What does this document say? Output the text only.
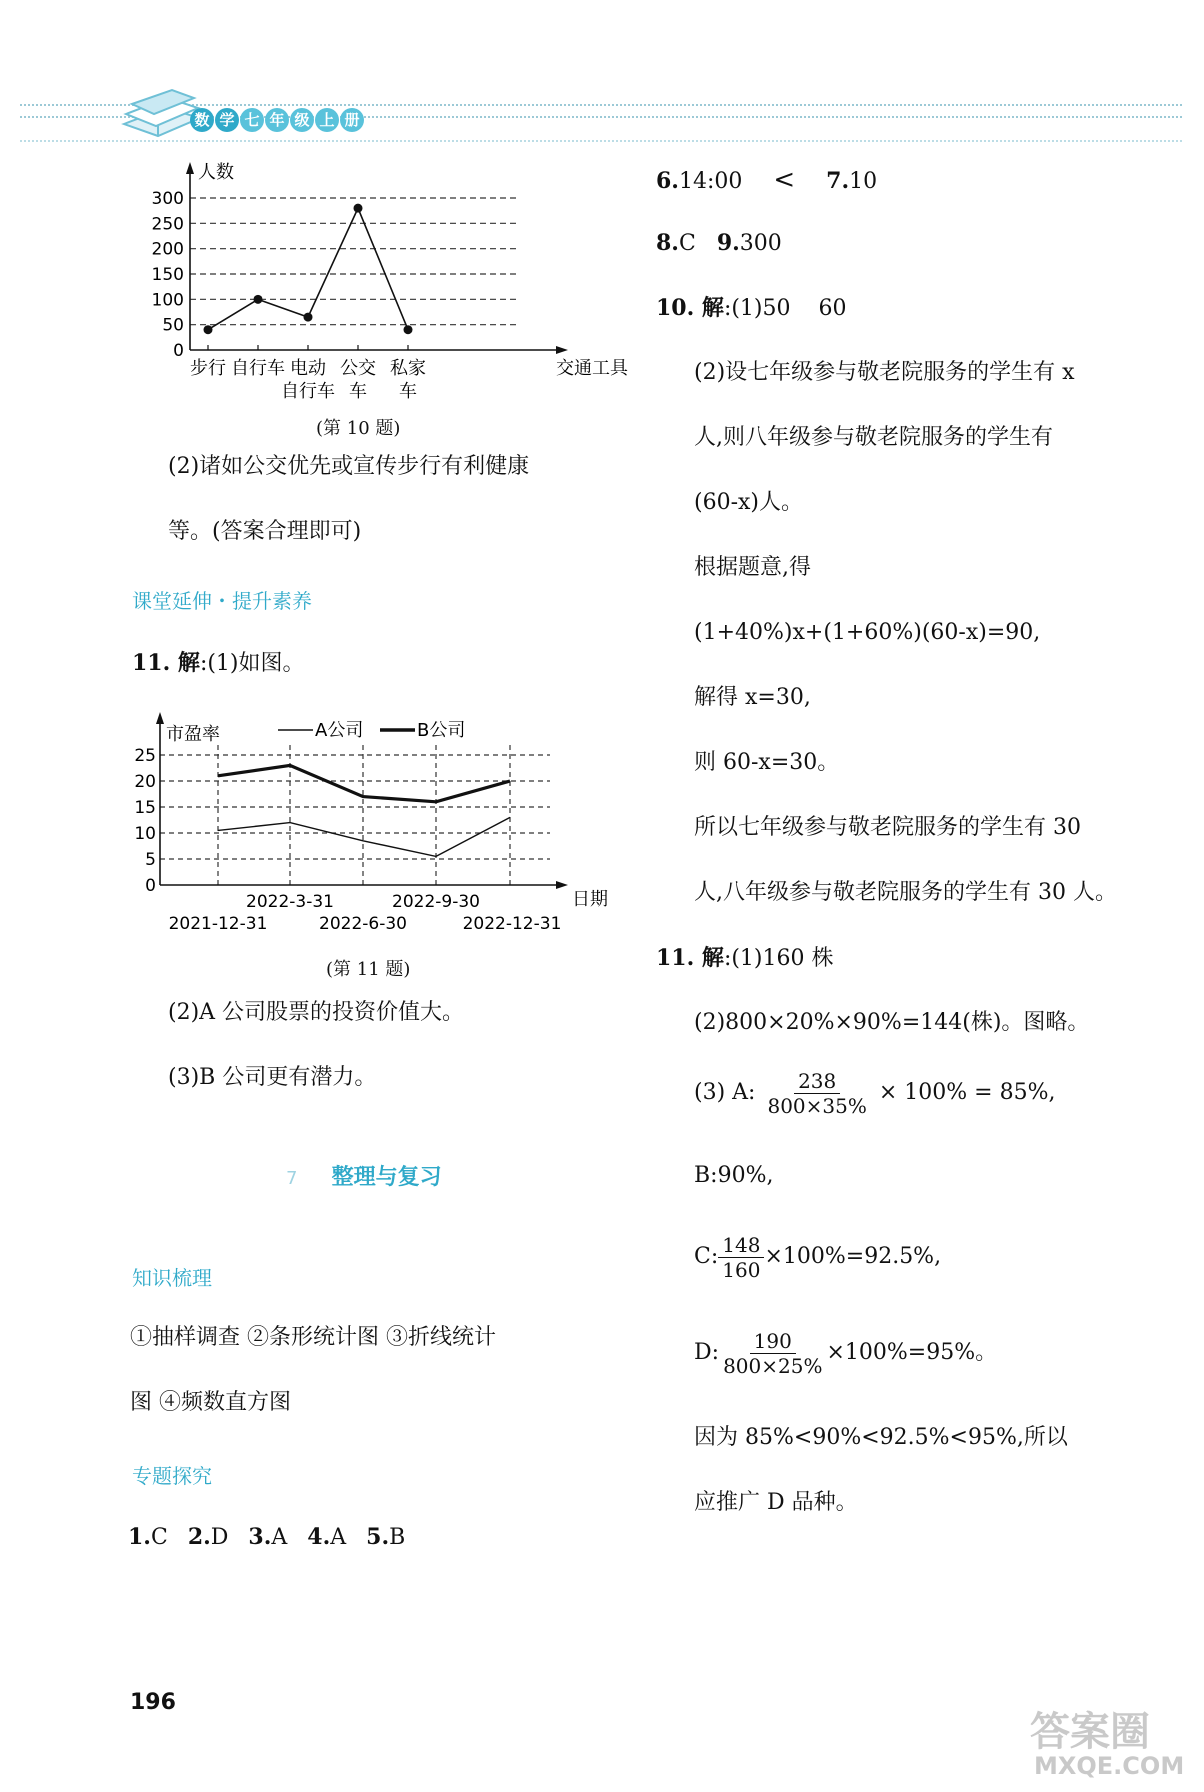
数 学 七 年 级 上 册
0
50
100
150
200
250
300
人数
交通工具
步行 自行车 电动
自行车
公交
车
私家
车
(第 10 题)
(2)诸如公交优先或宣传步行有利健康
等。(答案合理即可)
课堂延伸・提升素养
11. 解:(1)如图。
0
5
10
15
20
25
市盈率
日期
A公司	B公司
2021-12-31
2022-3-31
2022-6-30
2022-9-30
2022-12-31
(第 11 题)
(2)A 公司股票的投资价值大。
(3)B 公司更有潜力。
7 整理与复习
知识梳理
①抽样调查 ②条形统计图 ③折线统计
图 ④频数直方图
专题探究
1.C 2.D 3.A 4.A 5.B
196
6.14:00 < 7.10
8.C 9.300
10. 解:(1)50    60
(2)设七年级参与敬老院服务的学生有 x
人,则八年级参与敬老院服务的学生有
(60-x)人。
根据题意,得
(1+40%)x+(1+60%)(60-x)=90,
解得 x=30,
则 60-x=30。
所以七年级参与敬老院服务的学生有 30
人,八年级参与敬老院服务的学生有 30 人。
11. 解:(1)160 株
(2)800×20%×90%=144(株)。图略。
(3) A: $\frac{238}{800\times 35\%} \times 100\% = 85\%$,
B:90%,
C: $\frac{148}{160} \times 100\%=92.5\%$,
D: $\frac{190}{800\times 25\%} \times 100\%=95\%$。
因为 85%<90%<92.5%<95%,所以
应推广 D 品种。
答案圈
MXQE.COM
